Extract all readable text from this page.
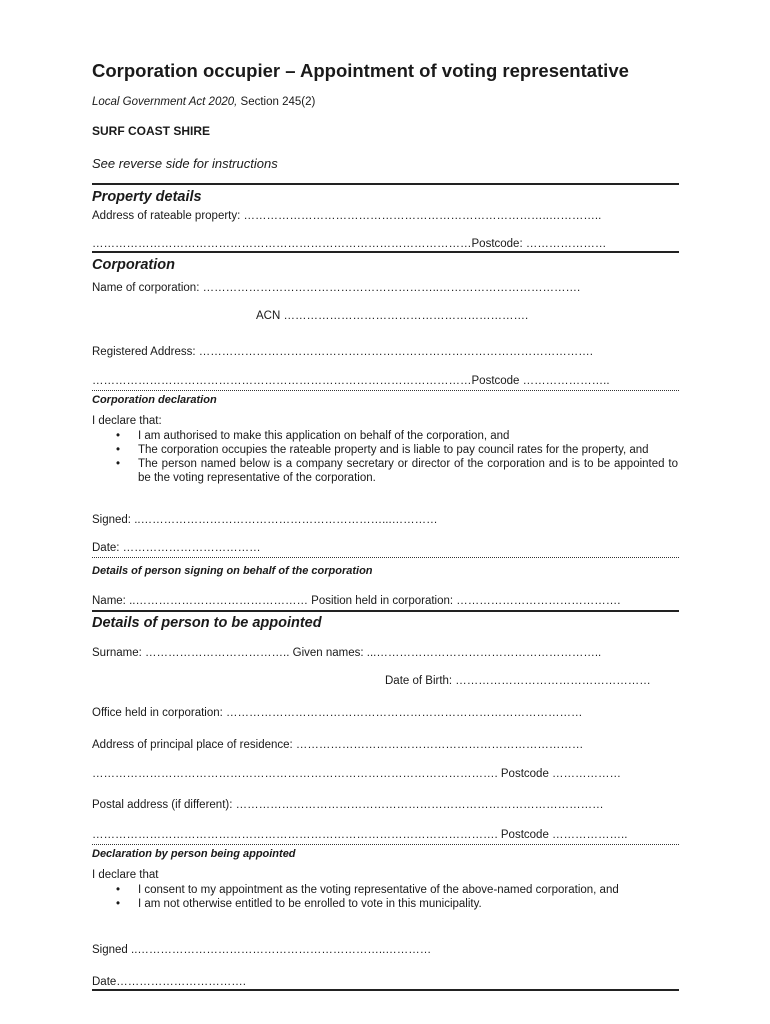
Corporation occupier – Appointment of voting representative
Local Government Act 2020, Section 245(2)
SURF COAST SHIRE
See reverse side for instructions
Property details
Address of rateable property: ……………………………………………………………………..…………..
………………………………………………………………………………………Postcode: …………………
Corporation
Name of corporation: ……………………………………………………..……………………………….
ACN ……………………………………………………….
Registered Address: ………………………………………………………………………………………….
………………………………………………………………………………………Postcode …………………..
Corporation declaration
I declare that:
• I am authorised to make this application on behalf of the corporation, and
• The corporation occupies the rateable property and is liable to pay council rates for the property, and
• The person named below is a company secretary or director of the corporation and is to be appointed to be the voting representative of the corporation.
Signed: ..………………………………………………………...…………
Date: ………………………………
Details of person signing on behalf of the corporation
Name: ..……………………………………… Position held in corporation: …………………………………….
Details of person to be appointed
Surname: ……………………………….. Given names: ...…………………………………………………..
Date of Birth: ……………………………………………
Office held in corporation: …………………………………………………………………………………
Address of principal place of residence: …………………………………………………………………
……………………………………………………………………………………………. Postcode ………………
Postal address (if different): ……………………………………………………………………………………
……………………………………………………………………………………………. Postcode ………………..
Declaration by person being appointed
I declare that
• I consent to my appointment as the voting representative of the above-named corporation, and
• I am not otherwise entitled to be enrolled to vote in this municipality.
Signed ..………………………………………………………..…………
Date…………………………….
